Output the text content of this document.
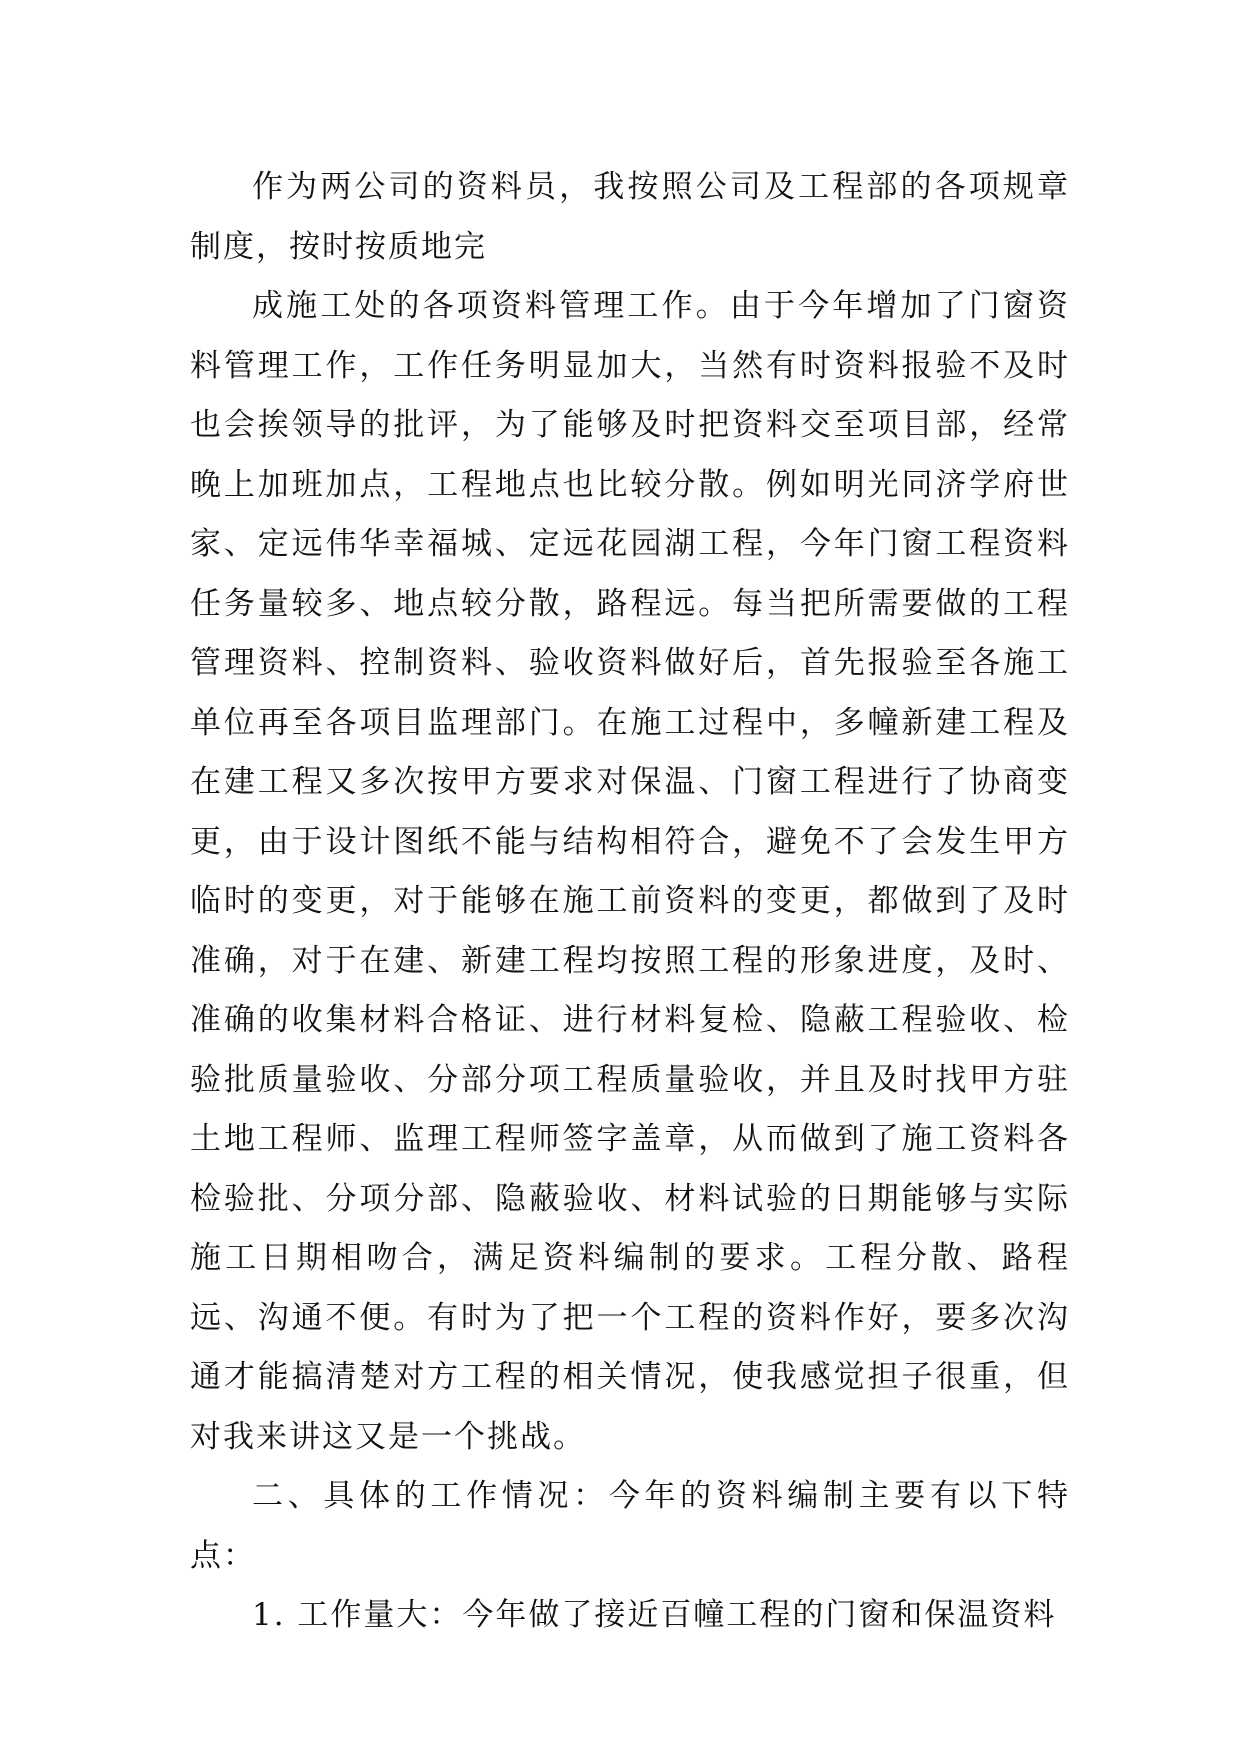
作为两公司的资料员，我按照公司及工程部的各项规章制度，按时按质地完

成施工处的各项资料管理工作。由于今年增加了门窗资料管理工作，工作任务明显加大，当然有时资料报验不及时也会挨领导的批评，为了能够及时把资料交至项目部，经常晚上加班加点，工程地点也比较分散。例如明光同济学府世家、定远伟华幸福城、定远花园湖工程，今年门窗工程资料任务量较多、地点较分散，路程远。每当把所需要做的工程管理资料、控制资料、验收资料做好后，首先报验至各施工单位再至各项目监理部门。在施工过程中，多幢新建工程及在建工程又多次按甲方要求对保温、门窗工程进行了协商变更，由于设计图纸不能与结构相符合，避免不了会发生甲方临时的变更，对于能够在施工前资料的变更，都做到了及时准确，对于在建、新建工程均按照工程的形象进度，及时、准确的收集材料合格证、进行材料复检、隐蔽工程验收、检验批质量验收、分部分项工程质量验收，并且及时找甲方驻土地工程师、监理工程师签字盖章，从而做到了施工资料各检验批、分项分部、隐蔽验收、材料试验的日期能够与实际施工日期相吻合，满足资料编制的要求。工程分散、路程远、沟通不便。有时为了把一个工程的资料作好，要多次沟通才能搞清楚对方工程的相关情况，使我感觉担子很重，但对我来讲这又是一个挑战。

二、具体的工作情况：今年的资料编制主要有以下特点：

1. 工作量大：今年做了接近百幢工程的门窗和保温资料
